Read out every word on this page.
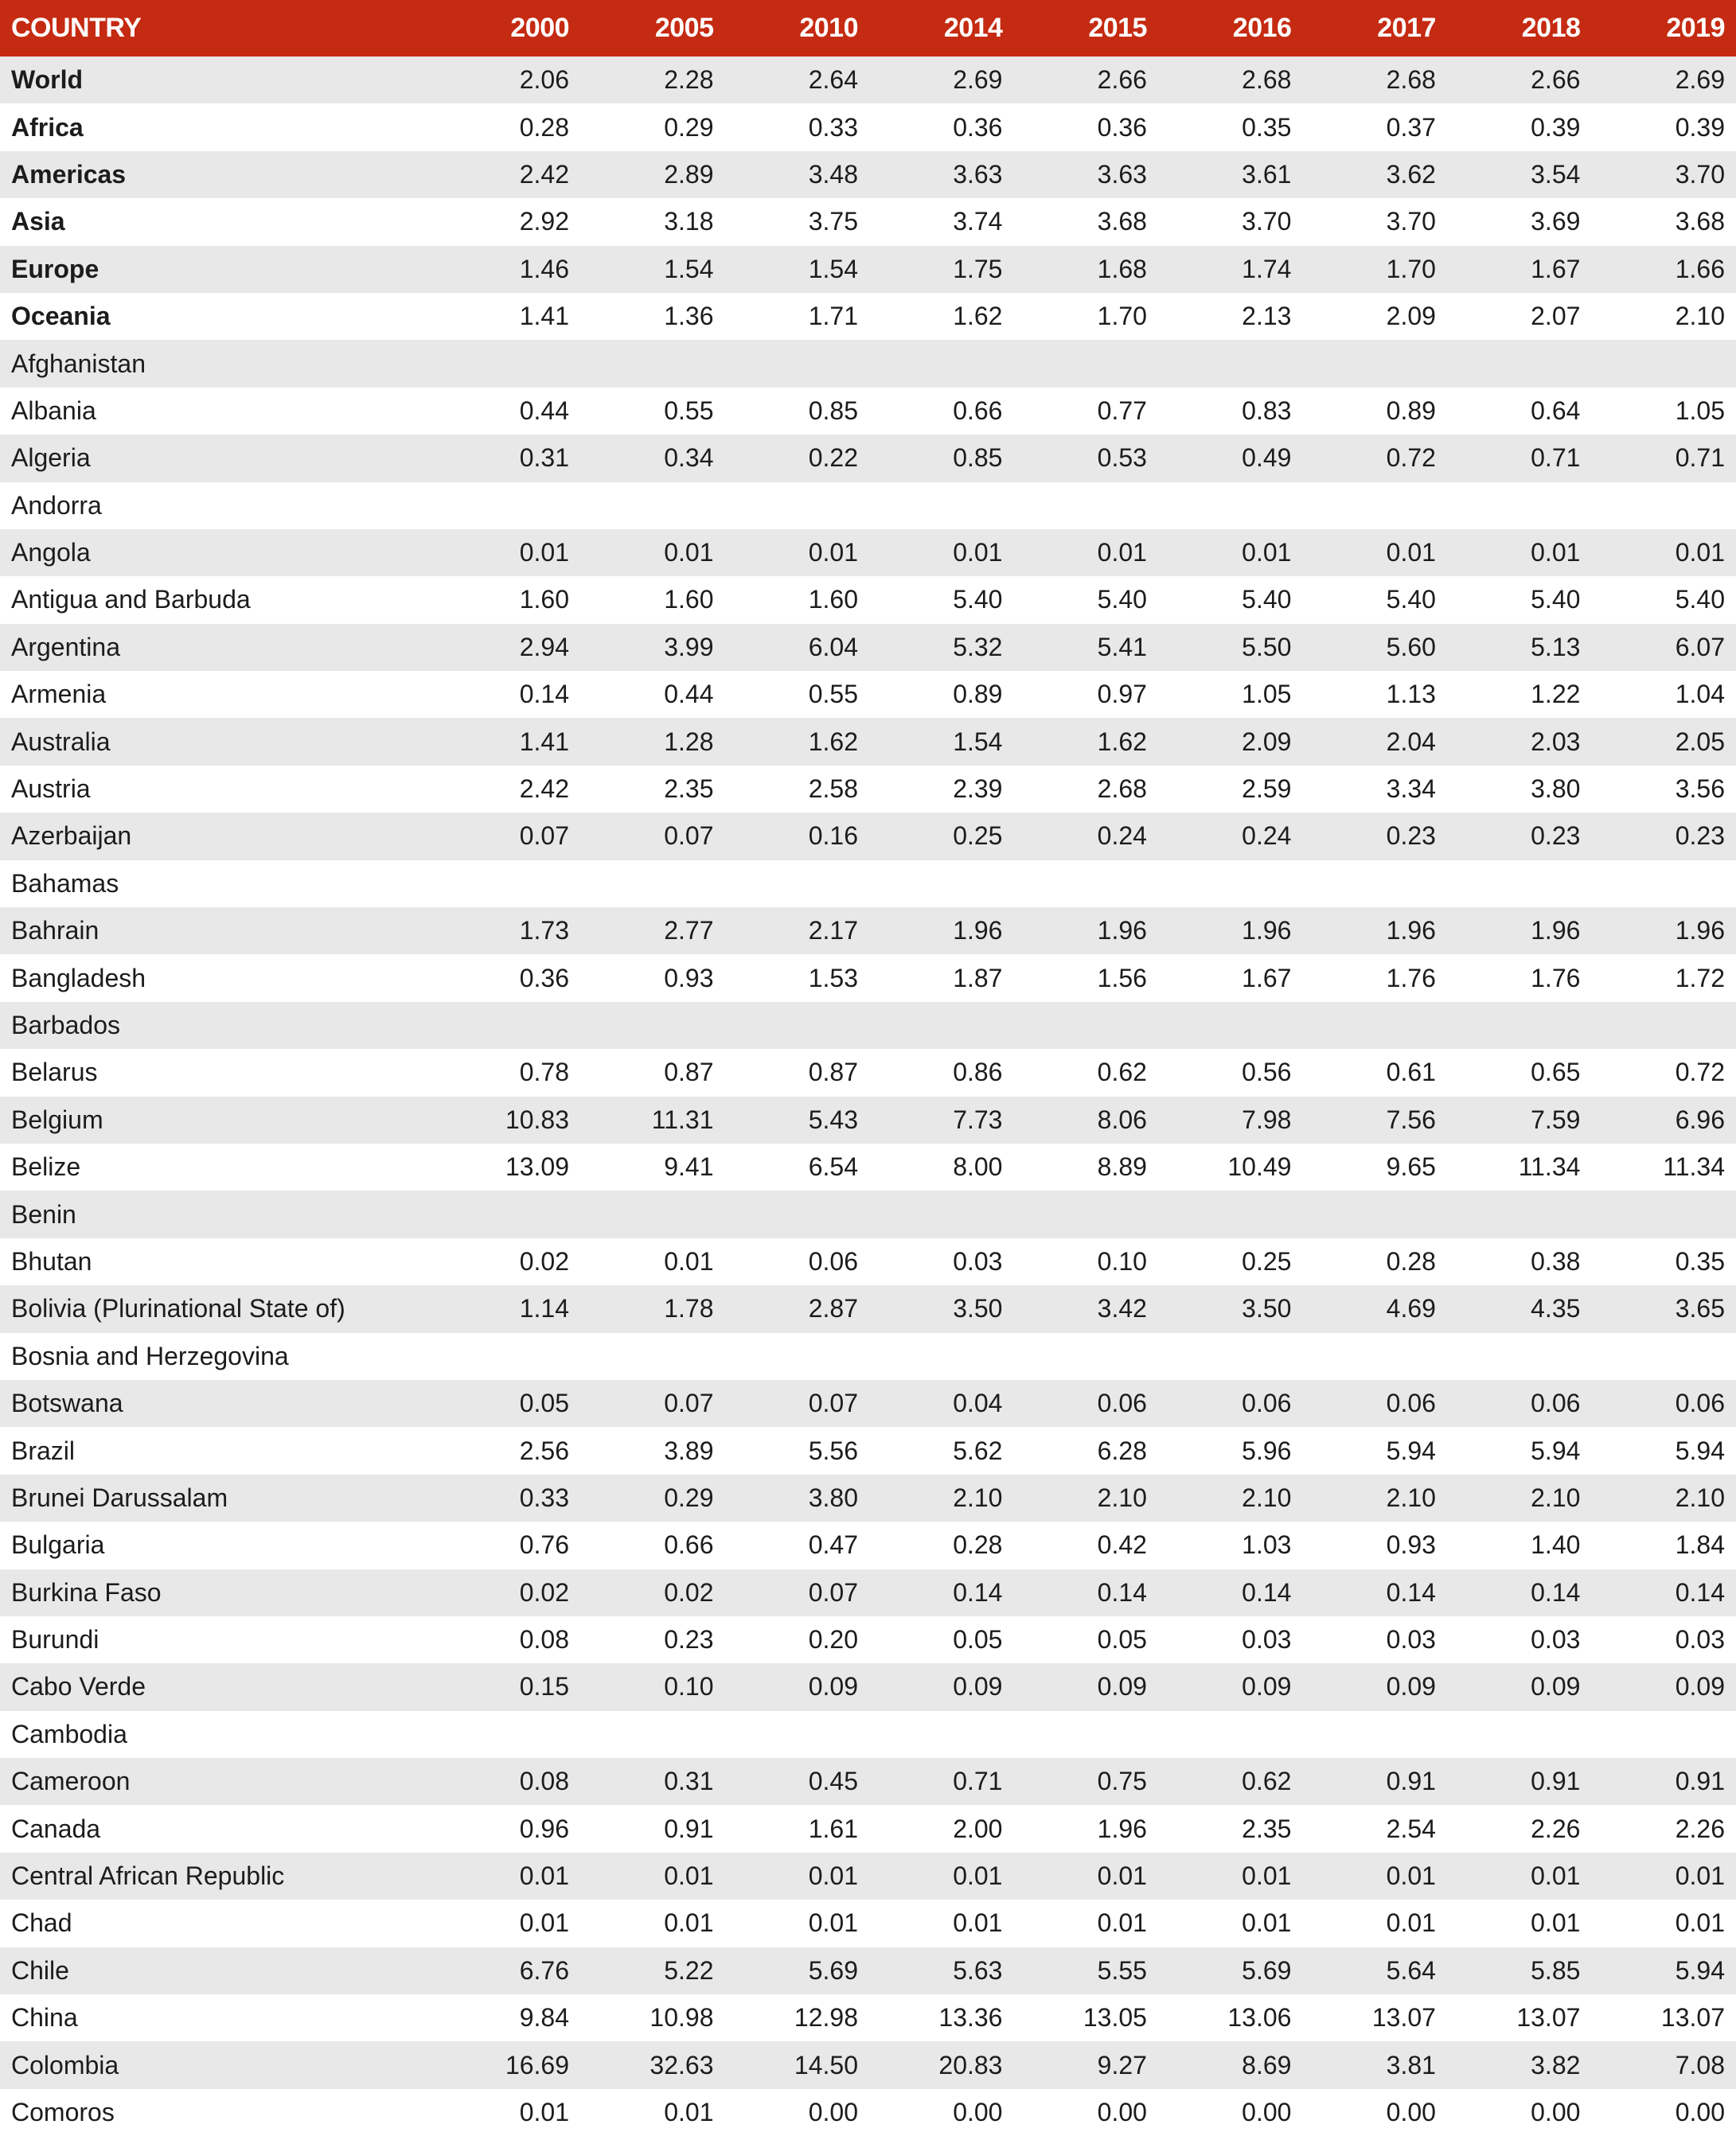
COUNTRY	2000	2005	2010	2014	2015	2016	2017	2018	2019
World	2.06	2.28	2.64	2.69	2.66	2.68	2.68	2.66	2.69
Africa	0.28	0.29	0.33	0.36	0.36	0.35	0.37	0.39	0.39
Americas	2.42	2.89	3.48	3.63	3.63	3.61	3.62	3.54	3.70
Asia	2.92	3.18	3.75	3.74	3.68	3.70	3.70	3.69	3.68
Europe	1.46	1.54	1.54	1.75	1.68	1.74	1.70	1.67	1.66
Oceania	1.41	1.36	1.71	1.62	1.70	2.13	2.09	2.07	2.10
Afghanistan									
Albania	0.44	0.55	0.85	0.66	0.77	0.83	0.89	0.64	1.05
Algeria	0.31	0.34	0.22	0.85	0.53	0.49	0.72	0.71	0.71
Andorra									
Angola	0.01	0.01	0.01	0.01	0.01	0.01	0.01	0.01	0.01
Antigua and Barbuda	1.60	1.60	1.60	5.40	5.40	5.40	5.40	5.40	5.40
Argentina	2.94	3.99	6.04	5.32	5.41	5.50	5.60	5.13	6.07
Armenia	0.14	0.44	0.55	0.89	0.97	1.05	1.13	1.22	1.04
Australia	1.41	1.28	1.62	1.54	1.62	2.09	2.04	2.03	2.05
Austria	2.42	2.35	2.58	2.39	2.68	2.59	3.34	3.80	3.56
Azerbaijan	0.07	0.07	0.16	0.25	0.24	0.24	0.23	0.23	0.23
Bahamas									
Bahrain	1.73	2.77	2.17	1.96	1.96	1.96	1.96	1.96	1.96
Bangladesh	0.36	0.93	1.53	1.87	1.56	1.67	1.76	1.76	1.72
Barbados									
Belarus	0.78	0.87	0.87	0.86	0.62	0.56	0.61	0.65	0.72
Belgium	10.83	11.31	5.43	7.73	8.06	7.98	7.56	7.59	6.96
Belize	13.09	9.41	6.54	8.00	8.89	10.49	9.65	11.34	11.34
Benin									
Bhutan	0.02	0.01	0.06	0.03	0.10	0.25	0.28	0.38	0.35
Bolivia (Plurinational State of)	1.14	1.78	2.87	3.50	3.42	3.50	4.69	4.35	3.65
Bosnia and Herzegovina									
Botswana	0.05	0.07	0.07	0.04	0.06	0.06	0.06	0.06	0.06
Brazil	2.56	3.89	5.56	5.62	6.28	5.96	5.94	5.94	5.94
Brunei Darussalam	0.33	0.29	3.80	2.10	2.10	2.10	2.10	2.10	2.10
Bulgaria	0.76	0.66	0.47	0.28	0.42	1.03	0.93	1.40	1.84
Burkina Faso	0.02	0.02	0.07	0.14	0.14	0.14	0.14	0.14	0.14
Burundi	0.08	0.23	0.20	0.05	0.05	0.03	0.03	0.03	0.03
Cabo Verde	0.15	0.10	0.09	0.09	0.09	0.09	0.09	0.09	0.09
Cambodia									
Cameroon	0.08	0.31	0.45	0.71	0.75	0.62	0.91	0.91	0.91
Canada	0.96	0.91	1.61	2.00	1.96	2.35	2.54	2.26	2.26
Central African Republic	0.01	0.01	0.01	0.01	0.01	0.01	0.01	0.01	0.01
Chad	0.01	0.01	0.01	0.01	0.01	0.01	0.01	0.01	0.01
Chile	6.76	5.22	5.69	5.63	5.55	5.69	5.64	5.85	5.94
China	9.84	10.98	12.98	13.36	13.05	13.06	13.07	13.07	13.07
Colombia	16.69	32.63	14.50	20.83	9.27	8.69	3.81	3.82	7.08
Comoros	0.01	0.01	0.00	0.00	0.00	0.00	0.00	0.00	0.00
